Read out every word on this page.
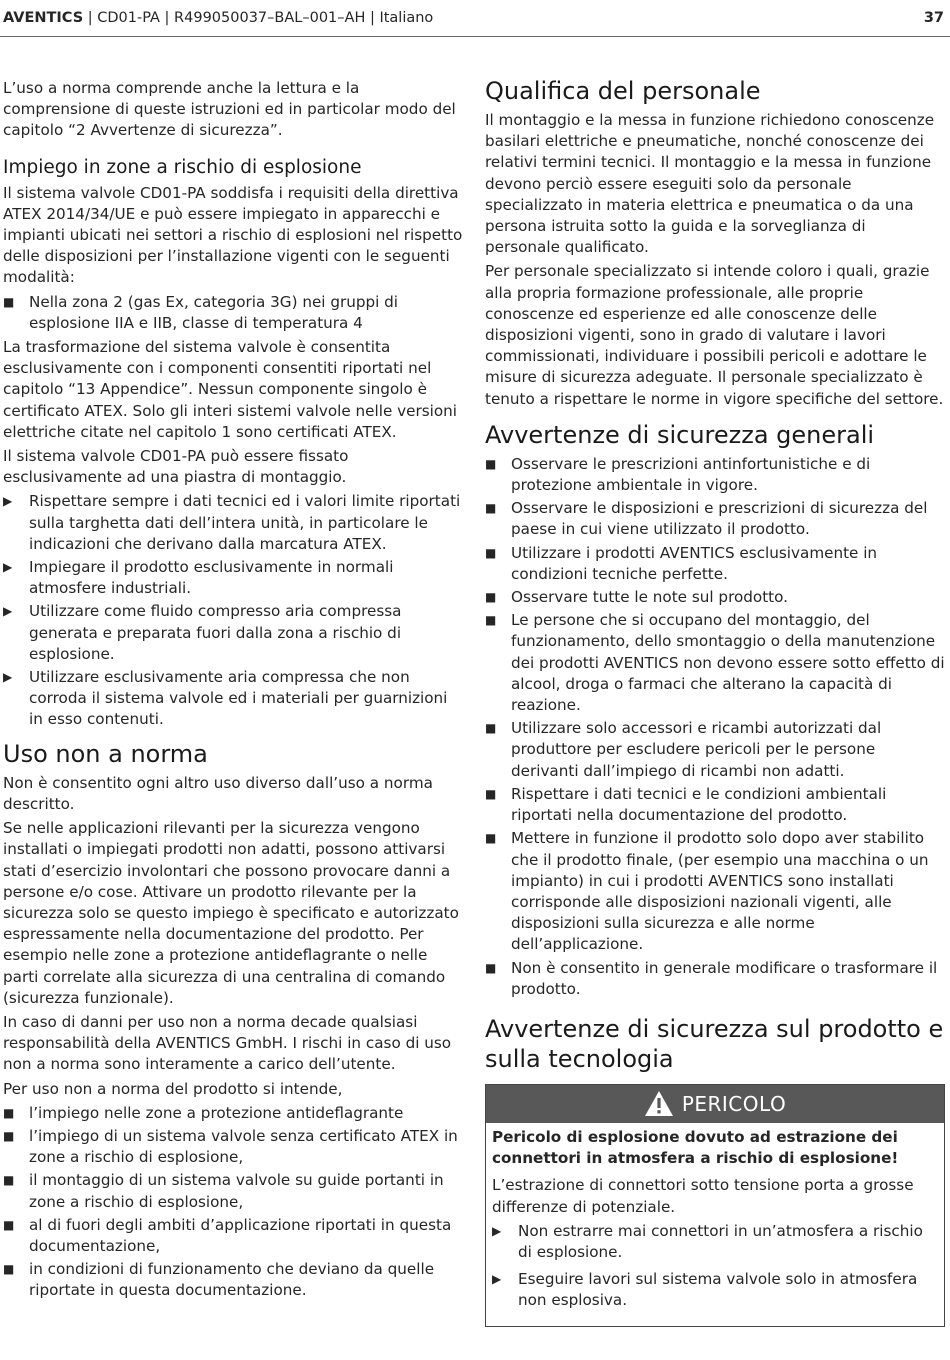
AVENTICS | CD01-PA | R499050037–BAL–001–AH | Italiano	37

L’uso a norma comprende anche la lettura e la comprensione di queste istruzioni ed in particolar modo del capitolo “2 Avvertenze di sicurezza”.

Impiego in zone a rischio di esplosione

Il sistema valvole CD01-PA soddisfa i requisiti della direttiva ATEX 2014/34/UE e può essere impiegato in apparecchi e impianti ubicati nei settori a rischio di esplosioni nel rispetto delle disposizioni per l’installazione vigenti con le seguenti modalità:

■ Nella zona 2 (gas Ex, categoria 3G) nei gruppi di esplosione IIA e IIB, classe di temperatura 4

La trasformazione del sistema valvole è consentita esclusivamente con i componenti consentiti riportati nel capitolo “13 Appendice”. Nessun componente singolo è certificato ATEX. Solo gli interi sistemi valvole nelle versioni elettriche citate nel capitolo 1 sono certificati ATEX.

Il sistema valvole CD01-PA può essere fissato esclusivamente ad una piastra di montaggio.

▶	Rispettare sempre i dati tecnici ed i valori limite riportati sulla targhetta dati dell’intera unità, in particolare le indicazioni che derivano dalla marcatura ATEX.
▶	Impiegare il prodotto esclusivamente in normali atmosfere industriali.
▶	Utilizzare come fluido compresso aria compressa generata e preparata fuori dalla zona a rischio di esplosione.
▶	Utilizzare esclusivamente aria compressa che non corroda il sistema valvole ed i materiali per guarnizioni in esso contenuti.
Uso non a norma

Non è consentito ogni altro uso diverso dall’uso a norma descritto.

Se nelle applicazioni rilevanti per la sicurezza vengono installati o impiegati prodotti non adatti, possono attivarsi stati d’esercizio involontari che possono provocare danni a persone e/o cose. Attivare un prodotto rilevante per la sicurezza solo se questo impiego è specificato e autorizzato espressamente nella documentazione del prodotto. Per esempio nelle zone a protezione antideflagrante o nelle parti correlate alla sicurezza di una centralina di comando (sicurezza funzionale).

In caso di danni per uso non a norma decade qualsiasi responsabilità della AVENTICS GmbH. I rischi in caso di uso non a norma sono interamente a carico dell’utente.

Per uso non a norma del prodotto si intende,

■ l’impiego nelle zone a protezione antideflagrante
■ l’impiego di un sistema valvole senza certificato ATEX in zone a rischio di esplosione,
■ il montaggio di un sistema valvole su guide portanti in zone a rischio di esplosione,
■ al di fuori degli ambiti d’applicazione riportati in questa documentazione,
■ in condizioni di funzionamento che deviano da quelle riportate in questa documentazione.
Qualifica del personale

Il montaggio e la messa in funzione richiedono conoscenze basilari elettriche e pneumatiche, nonché conoscenze dei relativi termini tecnici. Il montaggio e la messa in funzione devono perciò essere eseguiti solo da personale specializzato in materia elettrica e pneumatica o da una persona istruita sotto la guida e la sorveglianza di personale qualificato.

Per personale specializzato si intende coloro i quali, grazie alla propria formazione professionale, alle proprie conoscenze ed esperienze ed alle conoscenze delle disposizioni vigenti, sono in grado di valutare i lavori commissionati, individuare i possibili pericoli e adottare le misure di sicurezza adeguate. Il personale specializzato è tenuto a rispettare le norme in vigore specifiche del settore.

Avvertenze di sicurezza generali
■ Osservare le prescrizioni antinfortunistiche e di protezione ambientale in vigore.
■ Osservare le disposizioni e prescrizioni di sicurezza del paese in cui viene utilizzato il prodotto.
■ Utilizzare i prodotti AVENTICS esclusivamente in condizioni tecniche perfette.
■ Osservare tutte le note sul prodotto.
■ Le persone che si occupano del montaggio, del funzionamento, dello smontaggio o della manutenzione dei prodotti AVENTICS non devono essere sotto effetto di alcool, droga o farmaci che alterano la capacità di reazione.
■ Utilizzare solo accessori e ricambi autorizzati dal produttore per escludere pericoli per le persone derivanti dall’impiego di ricambi non adatti.
■ Rispettare i dati tecnici e le condizioni ambientali riportati nella documentazione del prodotto.
■ Mettere in funzione il prodotto solo dopo aver stabilito che il prodotto finale, (per esempio una macchina o un impianto) in cui i prodotti AVENTICS sono installati corrisponde alle disposizioni nazionali vigenti, alle disposizioni sulla sicurezza e alle norme dell’applicazione.
■ Non è consentito in generale modificare o trasformare il prodotto.
Avvertenze di sicurezza sul prodotto e sulla tecnologia
PERICOLO

Pericolo di esplosione dovuto ad estrazione dei connettori in atmosfera a rischio di esplosione!

L’estrazione di connettori sotto tensione porta a grosse differenze di potenziale.

▶	Non estrarre mai connettori in un’atmosfera a rischio di esplosione.
▶	Eseguire lavori sul sistema valvole solo in atmosfera non esplosiva.
